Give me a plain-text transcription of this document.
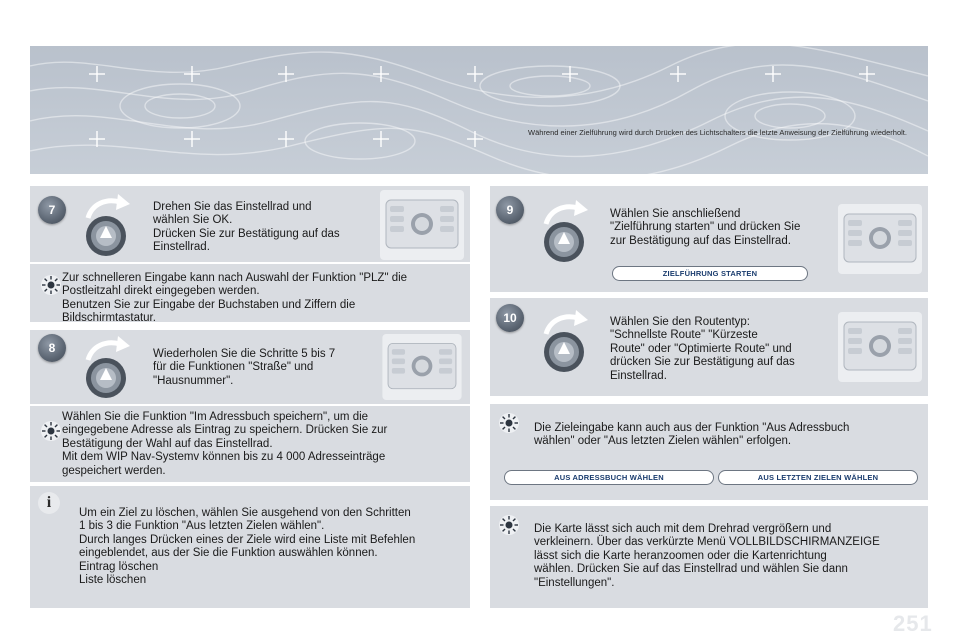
Während einer Zielführung wird durch Drücken des Lichtschalters die letzte Anweisung der Zielführung wiederholt.
7	Drehen Sie das Einstellrad und
wählen Sie OK.
Drücken Sie zur Bestätigung auf das
Einstellrad.
Zur schnelleren Eingabe kann nach Auswahl der Funktion "PLZ" die
Postleitzahl direkt eingegeben werden.
Benutzen Sie zur Eingabe der Buchstaben und Ziffern die
Bildschirmtastatur.
8	Wiederholen Sie die Schritte 5 bis 7
für die Funktionen "Straße" und
"Hausnummer".
Wählen Sie die Funktion "Im Adressbuch speichern", um die
eingegebene Adresse als Eintrag zu speichern. Drücken Sie zur
Bestätigung der Wahl auf das Einstellrad.
Mit dem WIP Nav-Systemv können bis zu 4 000 Adresseinträge
gespeichert werden.
i
Um ein Ziel zu löschen, wählen Sie ausgehend von den Schritten
1 bis 3 die Funktion "Aus letzten Zielen wählen".
Durch langes Drücken eines der Ziele wird eine Liste mit Befehlen
eingeblendet, aus der Sie die Funktion auswählen können.
Eintrag löschen
Liste löschen
9	Wählen Sie anschließend
"Zielführung starten" und drücken Sie
zur Bestätigung auf das Einstellrad.
ZIELFÜHRUNG STARTEN
10	Wählen Sie den Routentyp:
"Schnellste Route" "Kürzeste
Route" oder "Optimierte Route" und
drücken Sie zur Bestätigung auf das
Einstellrad.
Die Zieleingabe kann auch aus der Funktion "Aus Adressbuch
wählen" oder "Aus letzten Zielen wählen" erfolgen.
AUS ADRESSBUCH WÄHLEN	AUS LETZTEN ZIELEN WÄHLEN
Die Karte lässt sich auch mit dem Drehrad vergrößern und
verkleinern. Über das verkürzte Menü VOLLBILDSCHIRMANZEIGE
lässt sich die Karte heranzoomen oder die Kartenrichtung
wählen. Drücken Sie auf das Einstellrad und wählen Sie dann
"Einstellungen".
251
